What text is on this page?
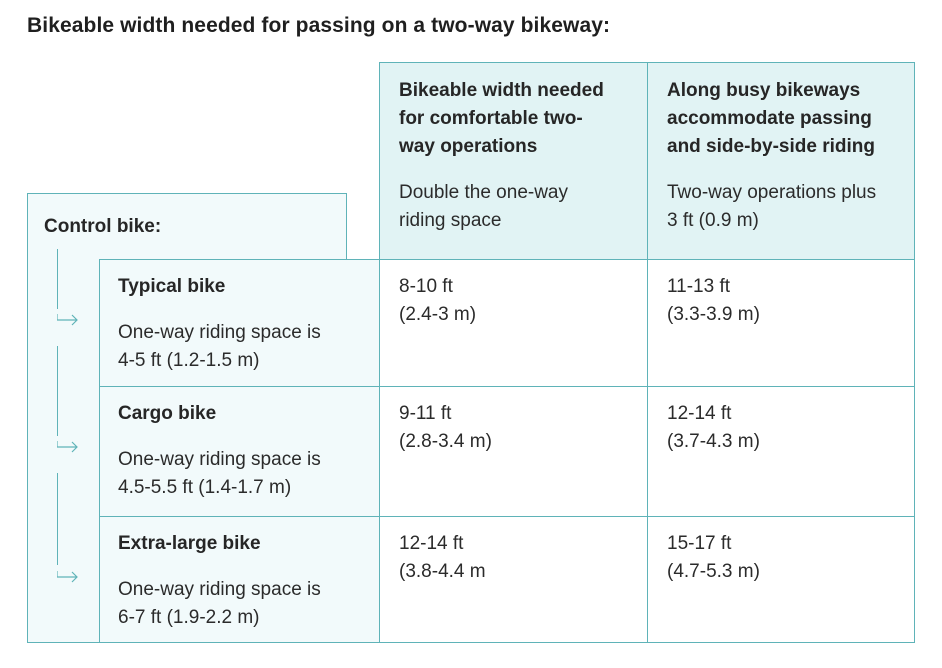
Bikeable width needed for passing on a two-way bikeway:
Control bike:
Bikeable width needed
for comfortable two-
way operations
Double the one-way
riding space
Along busy bikeways
accommodate passing
and side-by-side riding
Two-way operations plus
3 ft (0.9 m)
Typical bike
One-way riding space is
4-5 ft (1.2-1.5 m)
8-10 ft
(2.4-3 m)
11-13 ft
(3.3-3.9 m)
Cargo bike
One-way riding space is
4.5-5.5 ft (1.4-1.7 m)
9-11 ft
(2.8-3.4 m)
12-14 ft
(3.7-4.3 m)
Extra-large bike
One-way riding space is
6-7 ft (1.9-2.2 m)
12-14 ft
(3.8-4.4 m
15-17 ft
(4.7-5.3 m)
